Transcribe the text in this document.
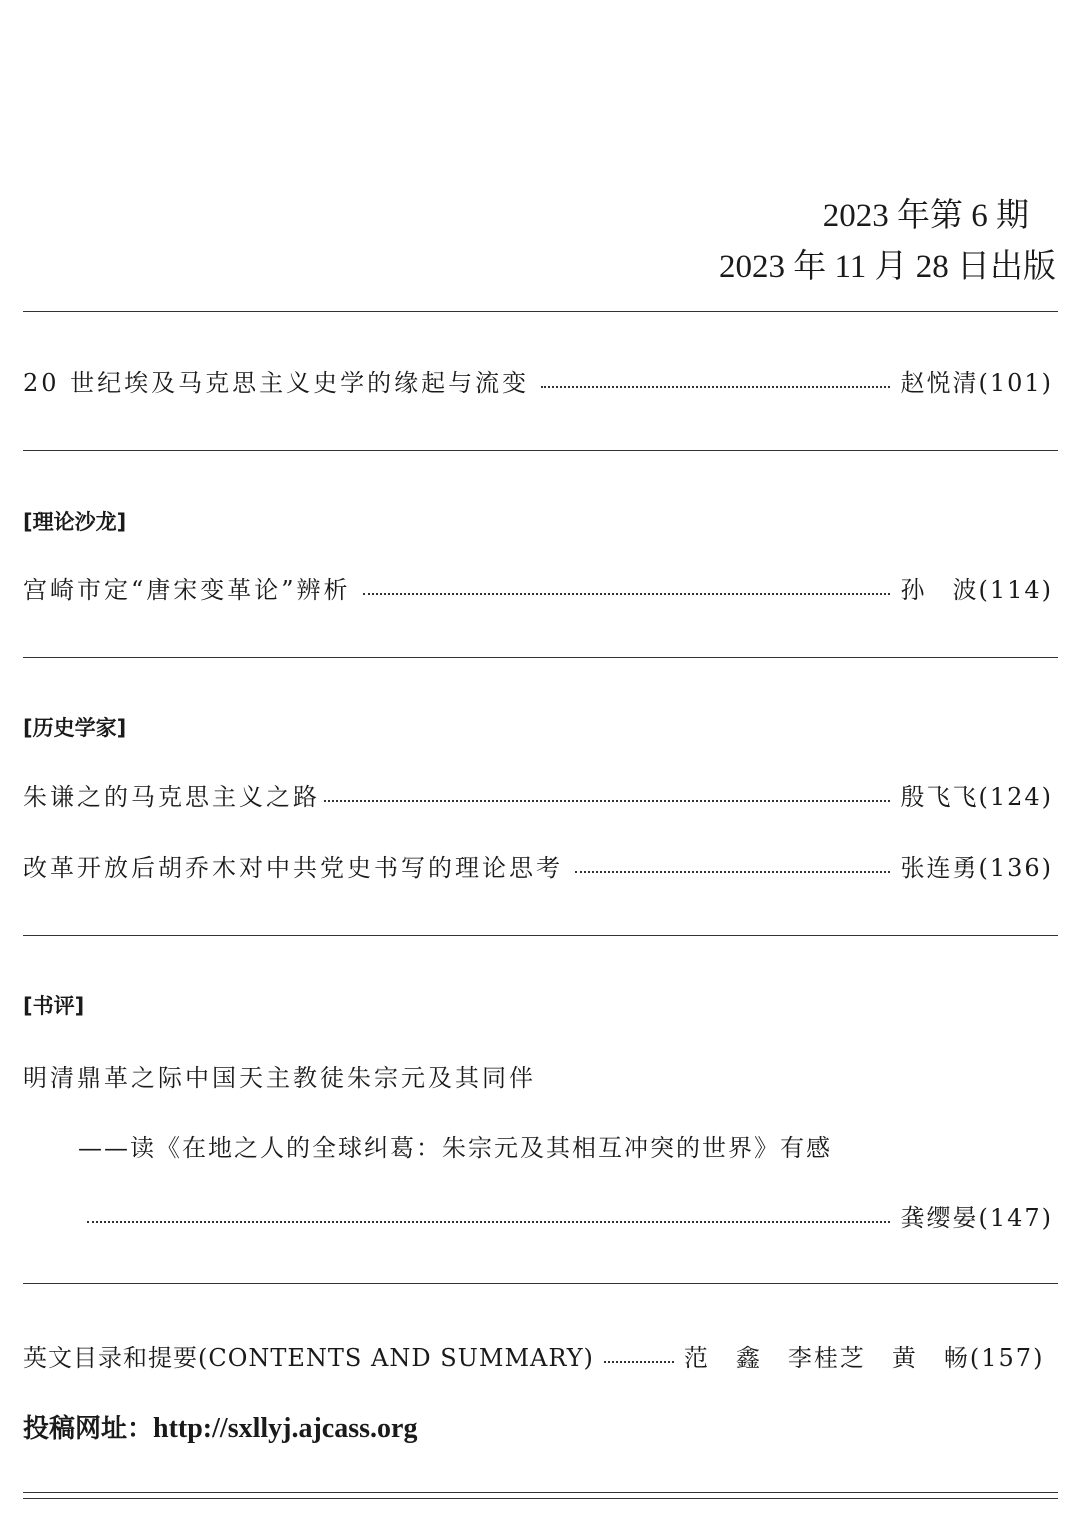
2023 年第 6 期
2023 年 11 月 28 日出版
20 世纪埃及马克思主义史学的缘起与流变	赵悦清(101)
[理论沙龙]
宫崎市定“唐宋变革论”辨析	孙　波(114)
[历史学家]
朱谦之的马克思主义之路	殷飞飞(124)
改革开放后胡乔木对中共党史书写的理论思考	张连勇(136)
[书评]
明清鼎革之际中国天主教徒朱宗元及其同伴
——读《在地之人的全球纠葛：朱宗元及其相互冲突的世界》有感
龚缨晏(147)
英文目录和提要(CONTENTS AND SUMMARY)	范　鑫　李桂芝　黄　畅(157)
投稿网址：http://sxllyj.ajcass.org
